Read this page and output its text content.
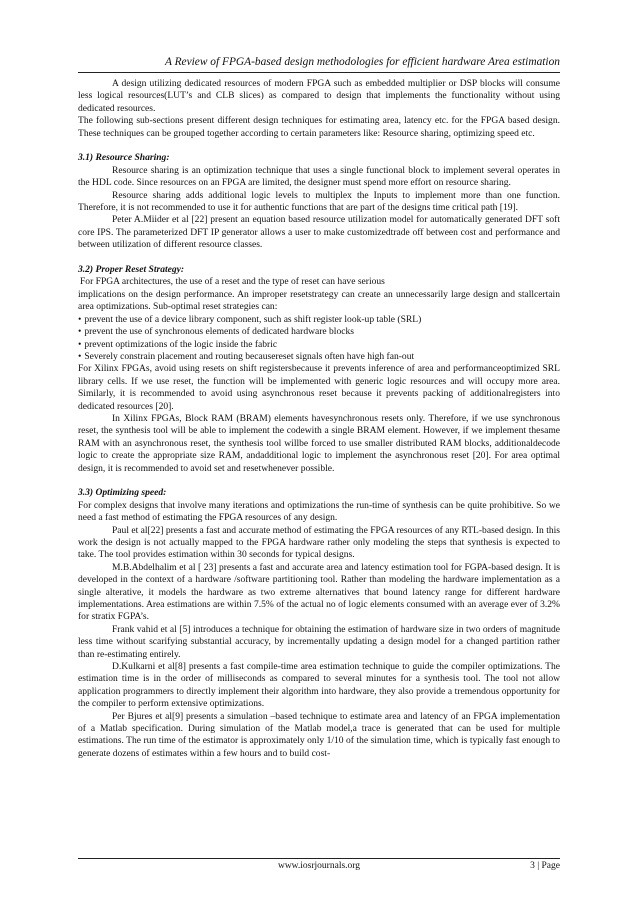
A Review of FPGA-based design methodologies for efficient hardware Area estimation

A design utilizing dedicated resources of modern FPGA such as embedded multiplier or DSP blocks will consume less logical resources(LUT’s and CLB slices) as compared to design that implements the functionality without using dedicated resources.

The following sub-sections present different design techniques for estimating area, latency etc. for the FPGA based design. These techniques can be grouped together according to certain parameters like: Resource sharing, optimizing speed etc.

3.1) Resource Sharing:

Resource sharing is an optimization technique that uses a single functional block to implement several operates in the HDL code. Since resources on an FPGA are limited, the designer must spend more effort on resource sharing.

Resource sharing adds additional logic levels to multiplex the Inputs to implement more than one function. Therefore, it is not recommended to use it for authentic functions that are part of the designs time critical path [19].

Peter A.Miider et al [22] present an equation based resource utilization model for automatically generated DFT soft core IPS. The parameterized DFT IP generator allows a user to make customizedtrade off between cost and performance and between utilization of different resource classes.

3.2) Proper Reset Strategy:

For FPGA architectures, the use of a reset and the type of reset can have serious

implications on the design performance. An improper resetstrategy can create an unnecessarily large design and stallcertain area optimizations. Sub-optimal reset strategies can:

• prevent the use of a device library component, such as shift register look-up table (SRL)
• prevent the use of synchronous elements of dedicated hardware blocks
• prevent optimizations of the logic inside the fabric
• Severely constrain placement and routing becausereset signals often have high fan-out

For Xilinx FPGAs, avoid using resets on shift registersbecause it prevents inference of area and performanceoptimized SRL library cells. If we use reset, the function will be implemented with generic logic resources and will occupy more area. Similarly, it is recommended to avoid using asynchronous reset because it prevents packing of additionalregisters into dedicated resources [20].

In Xilinx FPGAs, Block RAM (BRAM) elements havesynchronous resets only. Therefore, if we use synchronous reset, the synthesis tool will be able to implement the codewith a single BRAM element. However, if we implement thesame RAM with an asynchronous reset, the synthesis tool willbe forced to use smaller distributed RAM blocks, additionaldecode logic to create the appropriate size RAM, andadditional logic to implement the asynchronous reset [20]. For area optimal design, it is recommended to avoid set and resetwhenever possible.

3.3) Optimizing speed:

For complex designs that involve many iterations and optimizations the run-time of synthesis can be quite prohibitive. So we need a fast method of estimating the FPGA resources of any design.

Paul et al[22] presents a fast and accurate method of estimating the FPGA resources of any RTL-based design. In this work the design is not actually mapped to the FPGA hardware rather only modeling the steps that synthesis is expected to take. The tool provides estimation within 30 seconds for typical designs.

M.B.Abdelhalim et al [ 23] presents a fast and accurate area and latency estimation tool for FGPA-based design. It is developed in the context of a hardware /software partitioning tool. Rather than modeling the hardware implementation as a single alterative, it models the hardware as two extreme alternatives that bound latency range for different hardware implementations. Area estimations are within 7.5% of the actual no of logic elements consumed with an average ever of 3.2% for stratix FGPA’s.

Frank vahid et al [5] introduces a technique for obtaining the estimation of hardware size in two orders of magnitude less time without scarifying substantial accuracy, by incrementally updating a design model for a changed partition rather than re-estimating entirely.

D.Kulkarni et al[8] presents a fast compile-time area estimation technique to guide the compiler optimizations. The estimation time is in the order of milliseconds as compared to several minutes for a synthesis tool. The tool not allow application programmers to directly implement their algorithm into hardware, they also provide a tremendous opportunity for the compiler to perform extensive optimizations.

Per Bjures et al[9] presents a simulation –based technique to estimate area and latency of an FPGA implementation of a Matlab specification. During simulation of the Matlab model,a trace is generated that can be used for multiple estimations. The run time of the estimator is approximately only 1/10 of the simulation time, which is typically fast enough to generate dozens of estimates within a few hours and to build cost-

www.iosrjournals.org	3 | Page
